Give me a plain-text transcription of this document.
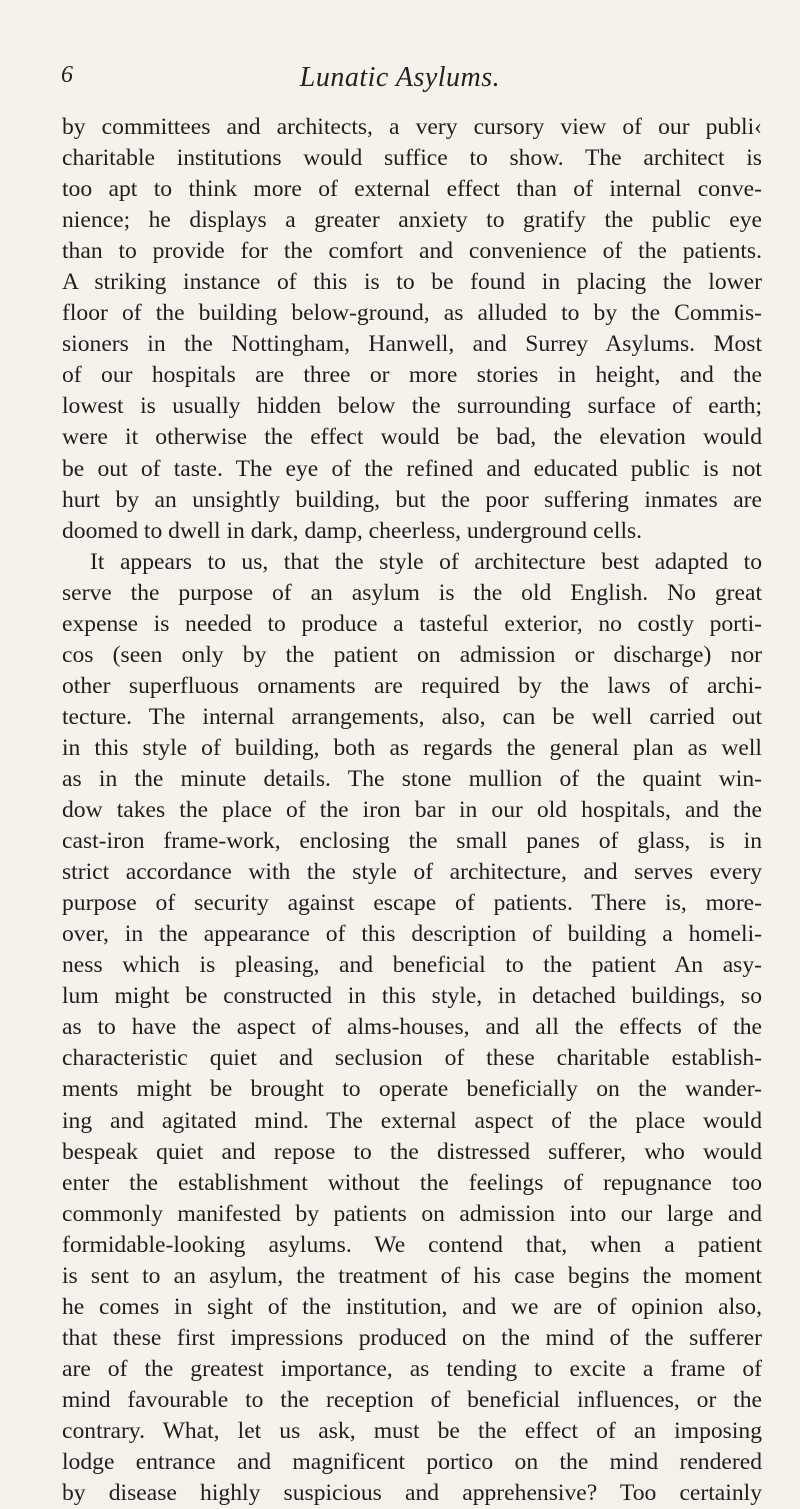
6	Lunatic Asylums.
by committees and architects, a very cursory view of our publi‹
charitable institutions would suffice to show. The architect is
too apt to think more of external effect than of internal conve-
nience; he displays a greater anxiety to gratify the public eye
than to provide for the comfort and convenience of the patients.
A striking instance of this is to be found in placing the lower
floor of the building below-ground, as alluded to by the Commis-
sioners in the Nottingham, Hanwell, and Surrey Asylums. Most
of our hospitals are three or more stories in height, and the
lowest is usually hidden below the surrounding surface of earth;
were it otherwise the effect would be bad, the elevation would
be out of taste. The eye of the refined and educated public is not
hurt by an unsightly building, but the poor suffering inmates are
doomed to dwell in dark, damp, cheerless, underground cells.
It appears to us, that the style of architecture best adapted to
serve the purpose of an asylum is the old English. No great
expense is needed to produce a tasteful exterior, no costly porti-
cos (seen only by the patient on admission or discharge) nor
other superfluous ornaments are required by the laws of archi-
tecture. The internal arrangements, also, can be well carried out
in this style of building, both as regards the general plan as well
as in the minute details. The stone mullion of the quaint win-
dow takes the place of the iron bar in our old hospitals, and the
cast-iron frame-work, enclosing the small panes of glass, is in
strict accordance with the style of architecture, and serves every
purpose of security against escape of patients. There is, more-
over, in the appearance of this description of building a homeli-
ness which is pleasing, and beneficial to the patient An asy-
lum might be constructed in this style, in detached buildings, so
as to have the aspect of alms-houses, and all the effects of the
characteristic quiet and seclusion of these charitable establish-
ments might be brought to operate beneficially on the wander-
ing and agitated mind. The external aspect of the place would
bespeak quiet and repose to the distressed sufferer, who would
enter the establishment without the feelings of repugnance too
commonly manifested by patients on admission into our large and
formidable-looking asylums. We contend that, when a patient
is sent to an asylum, the treatment of his case begins the moment
he comes in sight of the institution, and we are of opinion also,
that these first impressions produced on the mind of the sufferer
are of the greatest importance, as tending to excite a frame of
mind favourable to the reception of beneficial influences, or the
contrary. What, let us ask, must be the effect of an imposing
lodge entrance and magnificent portico on the mind rendered
by disease highly suspicious and apprehensive? Too certainly
